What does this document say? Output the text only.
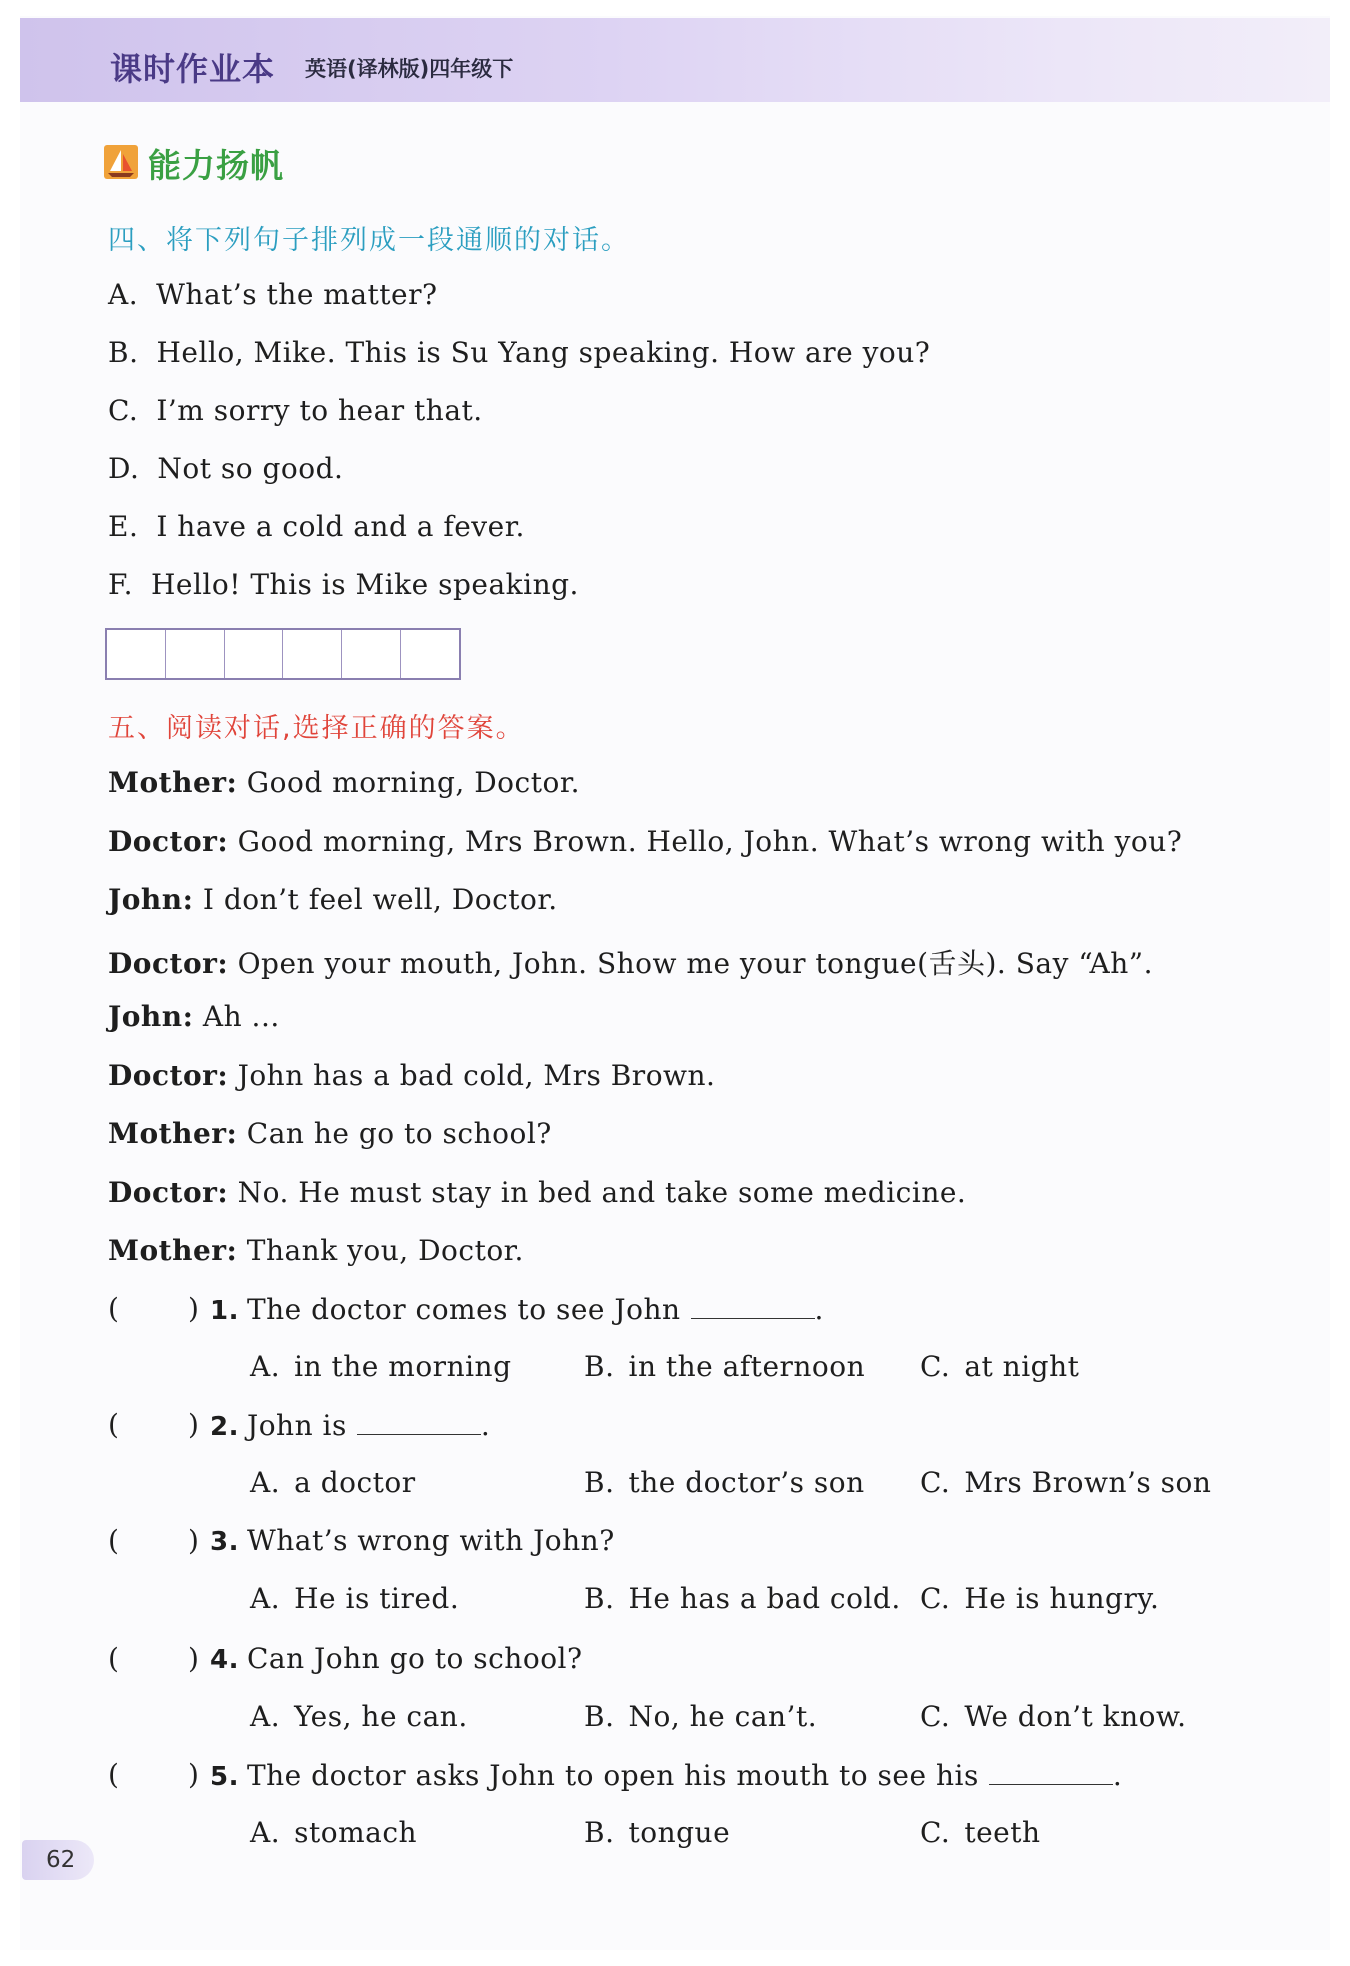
课时作业本 英语(译林版)四年级下
能力扬帆
四、将下列句子排列成一段通顺的对话。
A. What’s the matter?
B. Hello, Mike. This is Su Yang speaking. How are you?
C. I’m sorry to hear that.
D. Not so good.
E. I have a cold and a fever.
F. Hello! This is Mike speaking.
五、阅读对话,选择正确的答案。
Mother: Good morning, Doctor.
Doctor: Good morning, Mrs Brown. Hello, John. What’s wrong with you?
John: I don’t feel well, Doctor.
Doctor: Open your mouth, John. Show me your tongue(舌头). Say “Ah”.
John: Ah ...
Doctor: John has a bad cold, Mrs Brown.
Mother: Can he go to school?
Doctor: No. He must stay in bed and take some medicine.
Mother: Thank you, Doctor.
( ) 1. The doctor comes to see John	.
A. in the morning	B. in the afternoon C. at night
( ) 2. John is	.
A. a doctor	B. the doctor’s son C. Mrs Brown’s son
( ) 3. What’s wrong with John?
A. He is tired.	B. He has a bad cold. C. He is hungry.
( ) 4. Can John go to school?
A. Yes, he can.	B. No, he can’t.	C. We don’t know.
( ) 5. The doctor asks John to open his mouth to see his	.
A. stomach	B. tongue	C. teeth
62
